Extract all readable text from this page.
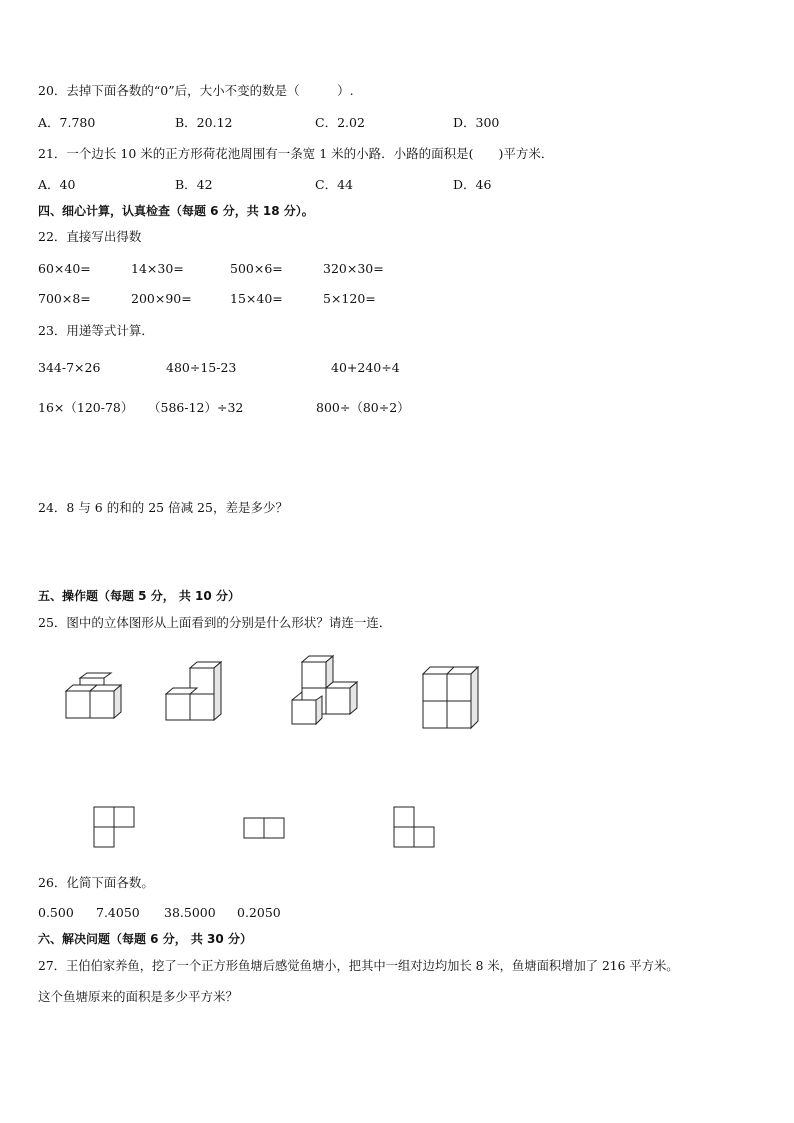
20．去掉下面各数的“0”后，大小不变的数是（　　　）.
A．7.780	B．20.12	C．2.02	D．300
21．一个边长 10 米的正方形荷花池周围有一条宽 1 米的小路．小路的面积是(　　)平方米．
A．40	B．42	C．44	D．46
四、细心计算，认真检查（每题 6 分，共 18 分）。
22．直接写出得数
60×40=	14×30=	500×6=	320×30=
700×8=	200×90=	15×40=	5×120=
23．用递等式计算．
344-7×26	480÷15-23	40+240÷4
16×（120-78） （586-12）÷32	800÷（80÷2）
24．8 与 6 的和的 25 倍减 25，差是多少？
五、操作题（每题 5 分， 共 10 分）
25．图中的立体图形从上面看到的分别是什么形状？请连一连．
26．化简下面各数。
0.500 7.4050 38.5000 0.2050
六、解决问题（每题 6 分， 共 30 分）
27．王伯伯家养鱼，挖了一个正方形鱼塘后感觉鱼塘小，把其中一组对边均加长 8 米，鱼塘面积增加了 216 平方米。
这个鱼塘原来的面积是多少平方米？
